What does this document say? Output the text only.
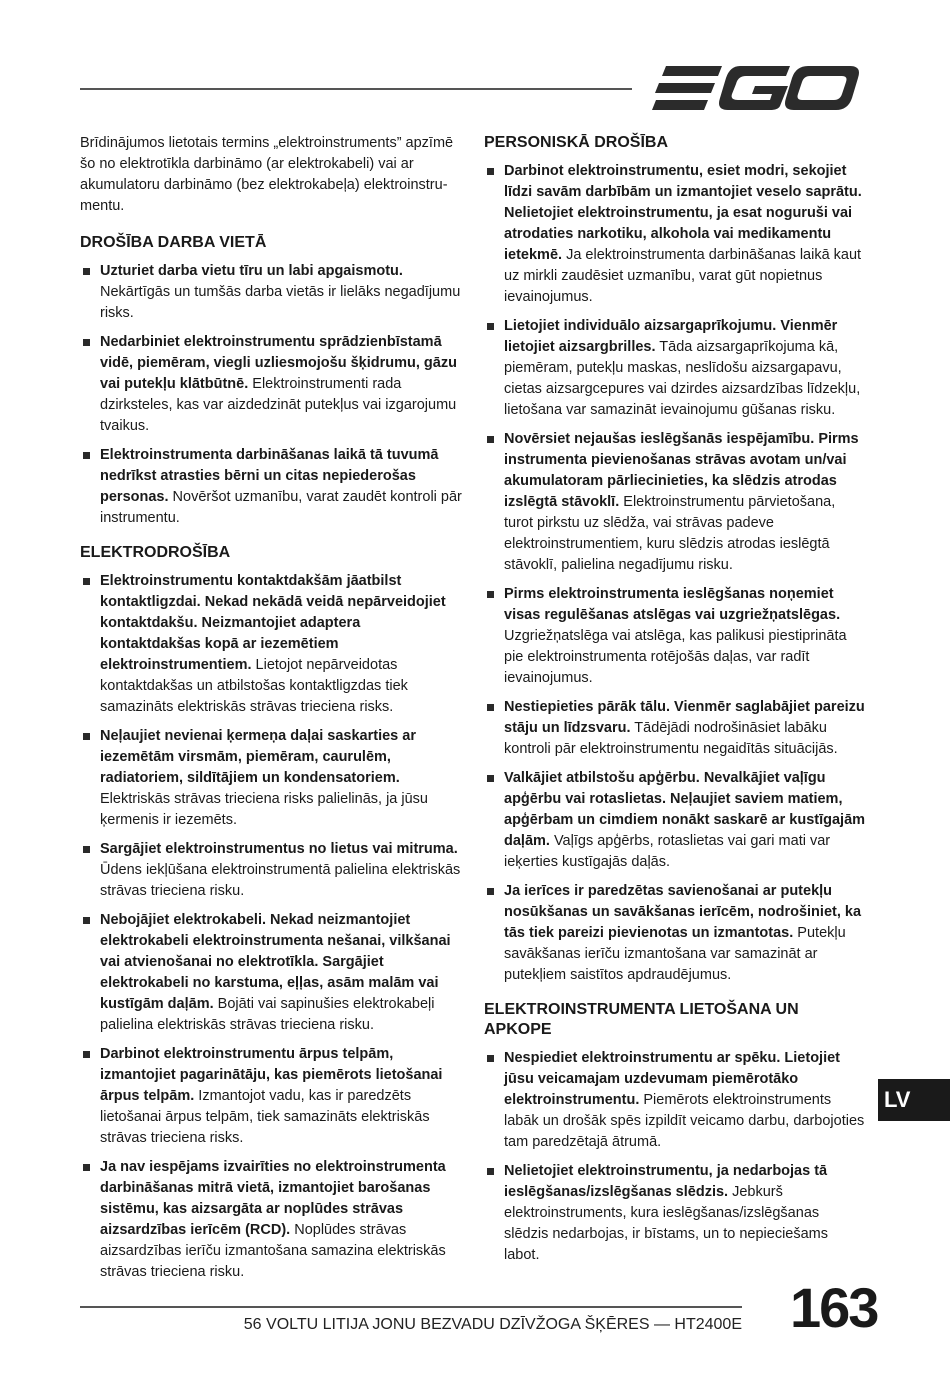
Brīdinājumos lietotais termins „elektroinstruments” apzīmē šo no elektrotīkla darbināmo (ar elektrokabeli) vai ar akumulatoru darbināmo (bez elektrokabeļa) elektroinstrumentu.

DROŠĪBA DARBA VIETĀ
Uzturiet darba vietu tīru un labi apgaismotu. Nekārtīgās un tumšās darba vietās ir lielāks negadījumu risks.
Nedarbiniet elektroinstrumentu sprādzienbīstamā vidē, piemēram, viegli uzliesmojošu šķidrumu, gāzu vai putekļu klātbūtnē. Elektroinstrumenti rada dzirksteles, kas var aizdedzināt putekļus vai izgarojumu tvaikus.
Elektroinstrumenta darbināšanas laikā tā tuvumā nedrīkst atrasties bērni un citas nepiederošas personas. Novēršot uzmanību, varat zaudēt kontroli pār instrumentu.
ELEKTRODROŠĪBA
Elektroinstrumentu kontaktdakšām jāatbilst kontaktligzdai. Nekad nekādā veidā nepārveidojiet kontaktdakšu. Neizmantojiet adaptera kontaktdakšas kopā ar iezemētiem elektroinstrumentiem. Lietojot nepārveidotas kontaktdakšas un atbilstošas kontaktligzdas tiek samazināts elektriskās strāvas trieciena risks.
Neļaujiet nevienai ķermeņa daļai saskarties ar iezemētām virsmām, piemēram, caurulēm, radiatoriem, sildītājiem un kondensatoriem. Elektriskās strāvas trieciena risks palielinās, ja jūsu ķermenis ir iezemēts.
Sargājiet elektroinstrumentus no lietus vai mitruma. Ūdens iekļūšana elektroinstrumentā palielina elektriskās strāvas trieciena risku.
Nebojājiet elektrokabeli. Nekad neizmantojiet elektrokabeli elektroinstrumenta nešanai, vilkšanai vai atvienošanai no elektrotīkla. Sargājiet elektrokabeli no karstuma, eļļas, asām malām vai kustīgām daļām. Bojāti vai sapinušies elektrokabeļi palielina elektriskās strāvas trieciena risku.
Darbinot elektroinstrumentu ārpus telpām, izmantojiet pagarinātāju, kas piemērots lietošanai ārpus telpām. Izmantojot vadu, kas ir paredzēts lietošanai ārpus telpām, tiek samazināts elektriskās strāvas trieciena risks.
Ja nav iespējams izvairīties no elektroinstrumenta darbināšanas mitrā vietā, izmantojiet barošanas sistēmu, kas aizsargāta ar noplūdes strāvas aizsardzības ierīcēm (RCD). Noplūdes strāvas aizsardzības ierīču izmantošana samazina elektriskās strāvas trieciena risku.
PERSONISKĀ DROŠĪBA
Darbinot elektroinstrumentu, esiet modri, sekojiet līdzi savām darbībām un izmantojiet veselo saprātu. Nelietojiet elektroinstrumentu, ja esat noguruši vai atrodaties narkotiku, alkohola vai medikamentu ietekmē. Ja elektroinstrumenta darbināšanas laikā kaut uz mirkli zaudēsiet uzmanību, varat gūt nopietnus ievainojumus.
Lietojiet individuālo aizsargaprīkojumu. Vienmēr lietojiet aizsargbrilles. Tāda aizsargaprīkojuma kā, piemēram, putekļu maskas, neslīdošu aizsargapavu, cietas aizsargcepures vai dzirdes aizsardzības līdzekļu, lietošana var samazināt ievainojumu gūšanas risku.
Novērsiet nejaušas ieslēgšanās iespējamību. Pirms instrumenta pievienošanas strāvas avotam un/vai akumulatoram pārliecinieties, ka slēdzis atrodas izslēgtā stāvoklī. Elektroinstrumentu pārvietošana, turot pirkstu uz slēdža, vai strāvas padeve elektroinstrumentiem, kuru slēdzis atrodas ieslēgtā stāvoklī, palielina negadījumu risku.
Pirms elektroinstrumenta ieslēgšanas noņemiet visas regulēšanas atslēgas vai uzgriežņatslēgas. Uzgriežņatslēga vai atslēga, kas palikusi piestiprināta pie elektroinstrumenta rotējošās daļas, var radīt ievainojumus.
Nestiepieties pārāk tālu. Vienmēr saglabājiet pareizu stāju un līdzsvaru. Tādējādi nodrošināsiet labāku kontroli pār elektroinstrumentu negaidītās situācijās.
Valkājiet atbilstošu apģērbu. Nevalkājiet vaļīgu apģērbu vai rotaslietas. Neļaujiet saviem matiem, apģērbam un cimdiem nonākt saskarē ar kustīgajām daļām. Vaļīgs apģērbs, rotaslietas vai gari mati var ieķerties kustīgajās daļās.
Ja ierīces ir paredzētas savienošanai ar putekļu nosūkšanas un savākšanas ierīcēm, nodrošiniet, ka tās tiek pareizi pievienotas un izmantotas. Putekļu savākšanas ierīču izmantošana var samazināt ar putekļiem saistītos apdraudējumus.
ELEKTROINSTRUMENTA LIETOŠANA UN APKOPE
Nespiediet elektroinstrumentu ar spēku. Lietojiet jūsu veicamajam uzdevumam piemērotāko elektroinstrumentu. Piemērots elektroinstruments labāk un drošāk spēs izpildīt veicamo darbu, darbojoties tam paredzētajā ātrumā.
Nelietojiet elektroinstrumentu, ja nedarbojas tā ieslēgšanas/izslēgšanas slēdzis. Jebkurš elektroinstruments, kura ieslēgšanas/izslēgšanas slēdzis nedarbojas, ir bīstams, un to nepieciešams labot.
LV
56 VOLTU LITIJA JONU BEZVADU DZĪVŽOGA ŠĶĒRES — HT2400E 163
